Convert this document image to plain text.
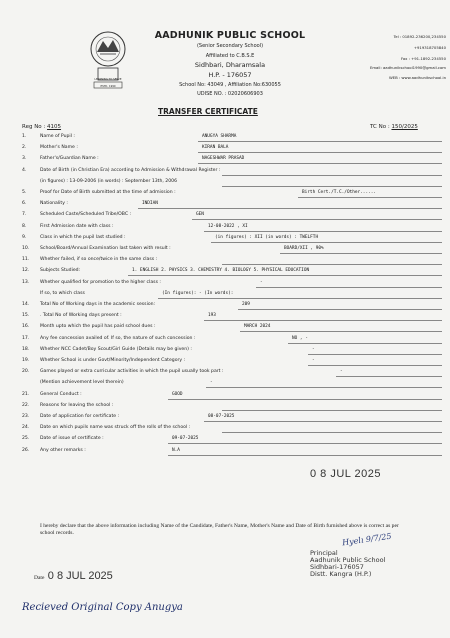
LEARNING TO SERVE
ESTD. 1990
AADHUNIK PUBLIC SCHOOL
(Senior Secondary School)
Affiliated to C.B.S.E
Sidhbari, Dharamsala
H.P. - 176057
School No: 43049 , Affiliation No:630055
UDISE NO. : 02020606903
Tel : 01892-236200,234550
+919318705840
Fax : +91-1892-234550
Email: aadhunikschool1990@gmail.com
WEB : www.aadhunikschool.in
TRANSFER CERTIFICATE
Reg No : 4105	TC No : 150/2025
1.	Name of Pupil :	ANUGYA SHARMA
2.	Mother's Name :	KIRAN BALA
3.	Father's/Guardian Name :	NAGESHWAR PRASAD
4.	Date of Birth (in Christian Era) according to Admission & Withdrawal Register :
(in figures) : 13-09-2006 (in words) : September 13th, 2006
5.	Proof for Date of Birth submitted at the time of admission :	Birth Cert./T.C./Other......
6.	Nationality :	INDIAN
7.	Scheduled Caste/Scheduled Tribe/OBC :	GEN
8.	First Admission date with class :	12-08-2022 , XI
9.	Class in which the pupil last studied :	(in figures) : XII (in words) : TWELFTH
10.	School/Board/Annual Examination last taken with result :	BOARD/XII , 90%
11.	Whether failed, if so once/twice in the same class :
12.	Subjects Studied:	1. ENGLISH 2. PHYSICS 3. CHEMISTRY 4. BIOLOGY 5. PHYSICAL EDUCATION
13.	Whether qualified for promotion to the higher class :	-
If so, to which class	(In figures): - (In words):
14.	Total No of Working days in the academic session:	209
15.	. Total No of Working days present :	193
16.	Month upto which the pupil has paid school dues :	MARCH 2024
17.	Any fee concession availed of. If so, the nature of such concession :	NO , -
18.	Whether NCC Cadet/Boy Scout/Girl Guide (Details may be given) :	-
19.	Whether School is under Govt/Minority/Independent Category :	-
20.	Games played or extra curricular activities in which the pupil usually took part :	-
(Mention achievement level therein)	-
21.	General Conduct :	GOOD
22.	Reasons for leaving the school :
23.	Date of application for certificate :	08-07-2025
24.	Date on which pupils name was struck off the rolls of the school :
25.	Date of issue of certificate :	09-07-2025
26.	Any other remarks :	N.A
0 8 JUL 2025
I hereby declare that the above information including Name of the Candidate, Father's Name, Mother's Name and Date of Birth furnished above is correct as per school records.
Date 0 8 JUL 2025
Hyelı 9/7/25
Principal
Aadhunik Public School
Sidhbari-176057
Distt. Kangra (H.P.)
Recieved Original Copy Anugya
